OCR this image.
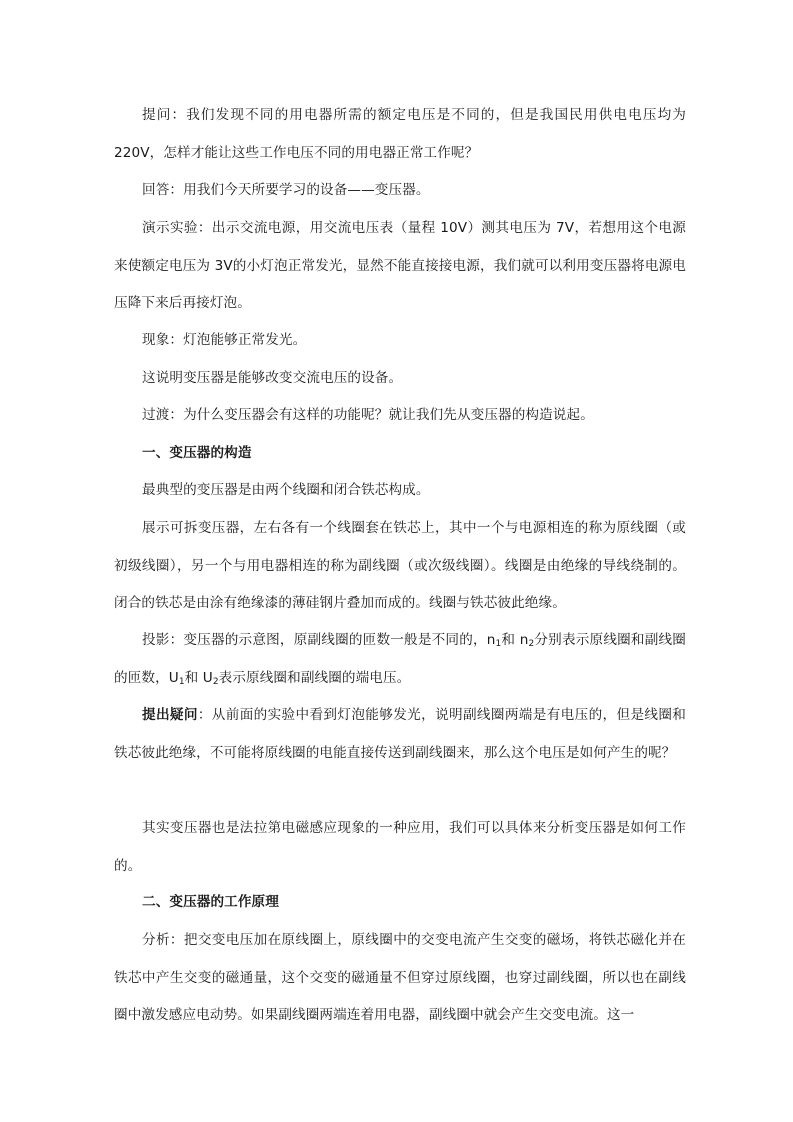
提问：我们发现不同的用电器所需的额定电压是不同的，但是我国民用供电电压均为220V，怎样才能让这些工作电压不同的用电器正常工作呢？

回答：用我们今天所要学习的设备——变压器。

演示实验：出示交流电源，用交流电压表（量程 10V）测其电压为 7V，若想用这个电源来使额定电压为 3V的小灯泡正常发光，显然不能直接接电源，我们就可以利用变压器将电源电压降下来后再接灯泡。

现象：灯泡能够正常发光。

这说明变压器是能够改变交流电压的设备。

过渡：为什么变压器会有这样的功能呢？就让我们先从变压器的构造说起。

一、变压器的构造

最典型的变压器是由两个线圈和闭合铁芯构成。

展示可拆变压器，左右各有一个线圈套在铁芯上，其中一个与电源相连的称为原线圈（或初级线圈），另一个与用电器相连的称为副线圈（或次级线圈）。线圈是由绝缘的导线绕制的。闭合的铁芯是由涂有绝缘漆的薄硅钢片叠加而成的。线圈与铁芯彼此绝缘。

投影：变压器的示意图，原副线圈的匝数一般是不同的，$n_1$和 $n_2$分别表示原线圈和副线圈的匝数，$U_1$和 $U_2$表示原线圈和副线圈的端电压。

提出疑问：从前面的实验中看到灯泡能够发光，说明副线圈两端是有电压的，但是线圈和铁芯彼此绝缘，不可能将原线圈的电能直接传送到副线圈来，那么这个电压是如何产生的呢？

其实变压器也是法拉第电磁感应现象的一种应用，我们可以具体来分析变压器是如何工作的。

二、变压器的工作原理

分析：把交变电压加在原线圈上，原线圈中的交变电流产生交变的磁场，将铁芯磁化并在铁芯中产生交变的磁通量，这个交变的磁通量不但穿过原线圈，也穿过副线圈，所以也在副线圈中激发感应电动势。如果副线圈两端连着用电器，副线圈中就会产生交变电流。这一
